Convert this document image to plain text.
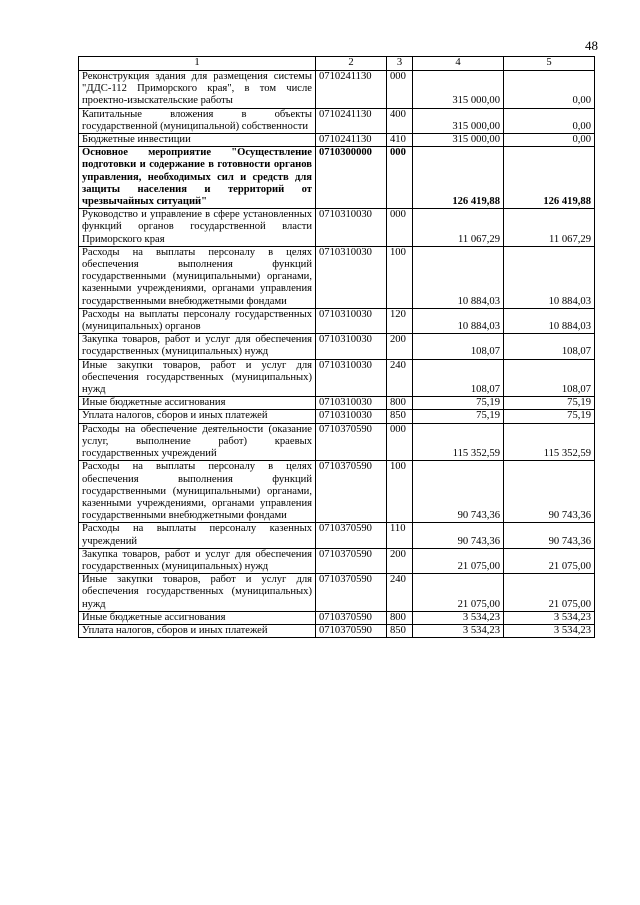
48
1	2	3	4	5
Реконструкция здания для размещения системы "ДДС-112 Приморского края", в том числе проектно-изыскательские работы	0710241130	000	315 000,00	0,00
Капитальные вложения в объекты государственной (муниципальной) собственности	0710241130	400	315 000,00	0,00
Бюджетные инвестиции	0710241130	410	315 000,00	0,00
Основное мероприятие "Осуществление подготовки и содержание в готовности органов управления, необходимых сил и средств для защиты населения и территорий от чрезвычайных ситуаций"	0710300000	000	126 419,88	126 419,88
Руководство и управление в сфере установленных функций органов государственной власти Приморского края	0710310030	000	11 067,29	11 067,29
Расходы на выплаты персоналу в целях обеспечения выполнения функций государственными (муниципальными) органами, казенными учреждениями, органами управления государственными внебюджетными фондами	0710310030	100	10 884,03	10 884,03
Расходы на выплаты персоналу государственных (муниципальных) органов	0710310030	120	10 884,03	10 884,03
Закупка товаров, работ и услуг для обеспечения государственных (муниципальных) нужд	0710310030	200	108,07	108,07
Иные закупки товаров, работ и услуг для обеспечения государственных (муниципальных) нужд	0710310030	240	108,07	108,07
Иные бюджетные ассигнования	0710310030	800	75,19	75,19
Уплата налогов, сборов и иных платежей	0710310030	850	75,19	75,19
Расходы на обеспечение деятельности (оказание услуг, выполнение работ) краевых государственных учреждений	0710370590	000	115 352,59	115 352,59
Расходы на выплаты персоналу в целях обеспечения выполнения функций государственными (муниципальными) органами, казенными учреждениями, органами управления государственными внебюджетными фондами	0710370590	100	90 743,36	90 743,36
Расходы на выплаты персоналу казенных учреждений	0710370590	110	90 743,36	90 743,36
Закупка товаров, работ и услуг для обеспечения государственных (муниципальных) нужд	0710370590	200	21 075,00	21 075,00
Иные закупки товаров, работ и услуг для обеспечения государственных (муниципальных) нужд	0710370590	240	21 075,00	21 075,00
Иные бюджетные ассигнования	0710370590	800	3 534,23	3 534,23
Уплата налогов, сборов и иных платежей	0710370590	850	3 534,23	3 534,23
